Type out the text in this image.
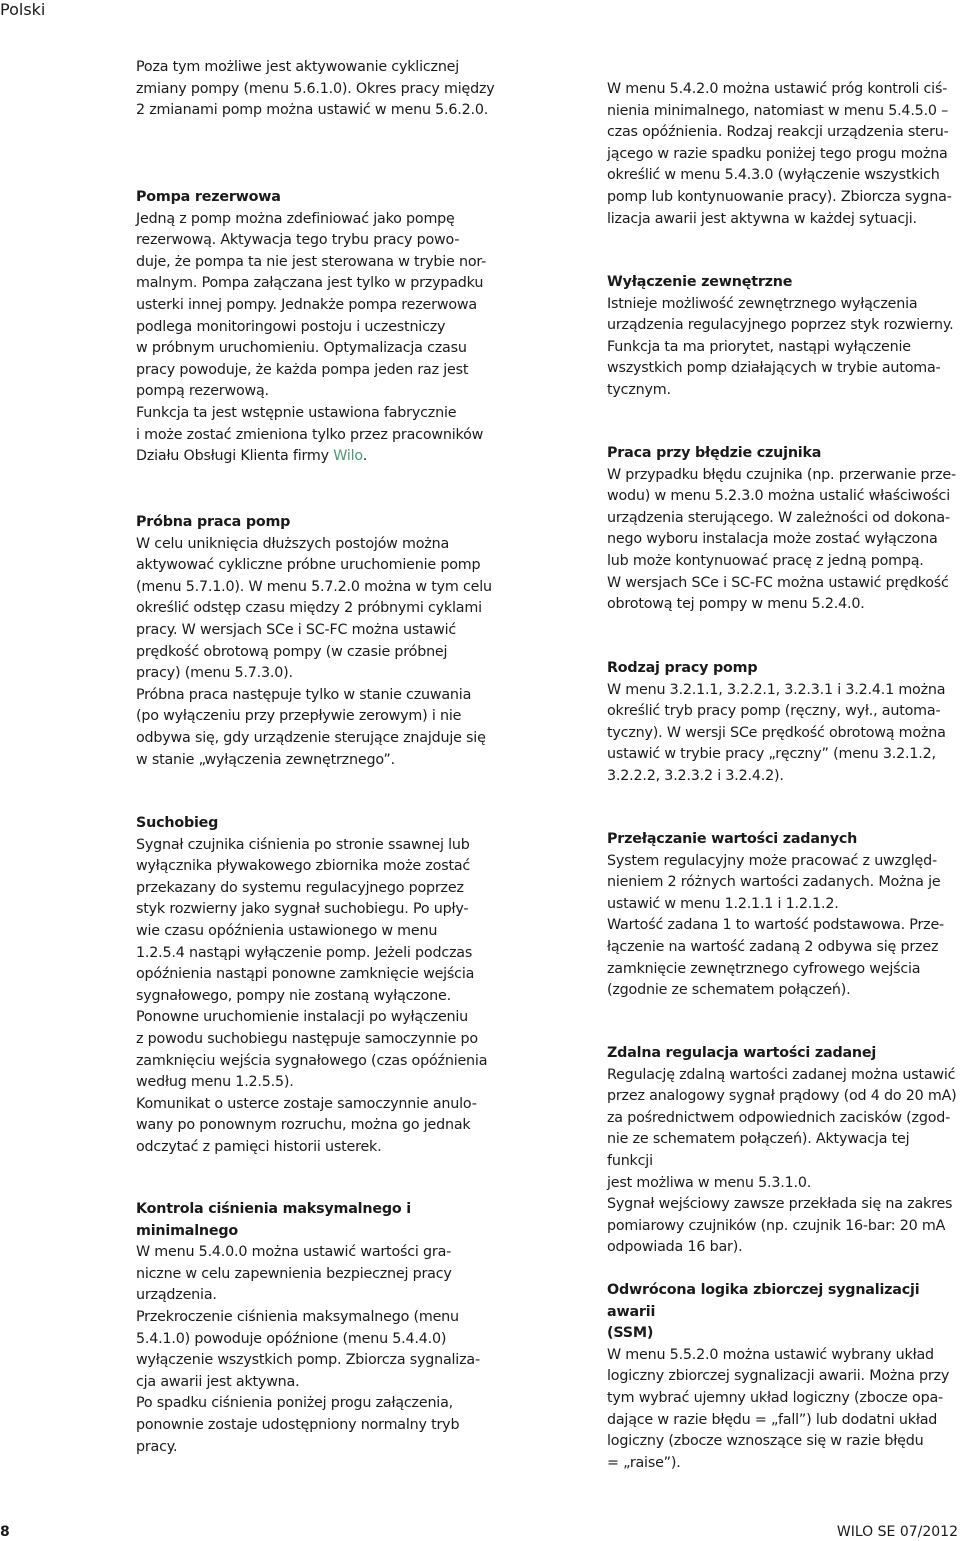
Polski

Poza tym możliwe jest aktywowanie cyklicznej

zmiany pompy (menu 5.6.1.0). Okres pracy między

2 zmianami pomp można ustawić w menu 5.6.2.0.

Pompa rezerwowa

Jedną z pomp można zdefiniować jako pompę

rezerwową. Aktywacja tego trybu pracy powo-

duje, że pompa ta nie jest sterowana w trybie nor-

malnym. Pompa załączana jest tylko w przypadku

usterki innej pompy. Jednakże pompa rezerwowa

podlega monitoringowi postoju i uczestniczy

w próbnym uruchomieniu. Optymalizacja czasu

pracy powoduje, że każda pompa jeden raz jest

pompą rezerwową.

Funkcja ta jest wstępnie ustawiona fabrycznie

i może zostać zmieniona tylko przez pracowników

Działu Obsługi Klienta firmy Wilo.

Próbna praca pomp

W celu uniknięcia dłuższych postojów można

aktywować cykliczne próbne uruchomienie pomp

(menu 5.7.1.0). W menu 5.7.2.0 można w tym celu

określić odstęp czasu między 2 próbnymi cyklami

pracy. W wersjach SCe i SC-FC można ustawić

prędkość obrotową pompy (w czasie próbnej

pracy) (menu 5.7.3.0).

Próbna praca następuje tylko w stanie czuwania

(po wyłączeniu przy przepływie zerowym) i nie

odbywa się, gdy urządzenie sterujące znajduje się

w stanie „wyłączenia zewnętrznego”.

Suchobieg

Sygnał czujnika ciśnienia po stronie ssawnej lub

wyłącznika pływakowego zbiornika może zostać

przekazany do systemu regulacyjnego poprzez

styk rozwierny jako sygnał suchobiegu. Po upły-

wie czasu opóźnienia ustawionego w menu

1.2.5.4 nastąpi wyłączenie pomp. Jeżeli podczas

opóźnienia nastąpi ponowne zamknięcie wejścia

sygnałowego, pompy nie zostaną wyłączone.

Ponowne uruchomienie instalacji po wyłączeniu

z powodu suchobiegu następuje samoczynnie po

zamknięciu wejścia sygnałowego (czas opóźnienia

według menu 1.2.5.5).

Komunikat o usterce zostaje samoczynnie anulo-

wany po ponownym rozruchu, można go jednak

odczytać z pamięci historii usterek.

Kontrola ciśnienia maksymalnego i minimalnego

W menu 5.4.0.0 można ustawić wartości gra-

niczne w celu zapewnienia bezpiecznej pracy

urządzenia.

Przekroczenie ciśnienia maksymalnego (menu

5.4.1.0) powoduje opóźnione (menu 5.4.4.0)

wyłączenie wszystkich pomp. Zbiorcza sygnaliza-

cja awarii jest aktywna.

Po spadku ciśnienia poniżej progu załączenia,

ponownie zostaje udostępniony normalny tryb

pracy.

W menu 5.4.2.0 można ustawić próg kontroli ciś-

nienia minimalnego, natomiast w menu 5.4.5.0 –

czas opóźnienia. Rodzaj reakcji urządzenia steru-

jącego w razie spadku poniżej tego progu można

określić w menu 5.4.3.0 (wyłączenie wszystkich

pomp lub kontynuowanie pracy). Zbiorcza sygna-

lizacja awarii jest aktywna w każdej sytuacji.

Wyłączenie zewnętrzne

Istnieje możliwość zewnętrznego wyłączenia

urządzenia regulacyjnego poprzez styk rozwierny.

Funkcja ta ma priorytet, nastąpi wyłączenie

wszystkich pomp działających w trybie automa-

tycznym.

Praca przy błędzie czujnika

W przypadku błędu czujnika (np. przerwanie prze-

wodu) w menu 5.2.3.0 można ustalić właściwości

urządzenia sterującego. W zależności od dokona-

nego wyboru instalacja może zostać wyłączona

lub może kontynuować pracę z jedną pompą.

W wersjach SCe i SC-FC można ustawić prędkość

obrotową tej pompy w menu 5.2.4.0.

Rodzaj pracy pomp

W menu 3.2.1.1, 3.2.2.1, 3.2.3.1 i 3.2.4.1 można

określić tryb pracy pomp (ręczny, wył., automa-

tyczny). W wersji SCe prędkość obrotową można

ustawić w trybie pracy „ręczny” (menu 3.2.1.2,

3.2.2.2, 3.2.3.2 i 3.2.4.2).

Przełączanie wartości zadanych

System regulacyjny może pracować z uwzględ-

nieniem 2 różnych wartości zadanych. Można je

ustawić w menu 1.2.1.1 i 1.2.1.2.

Wartość zadana 1 to wartość podstawowa. Prze-

łączenie na wartość zadaną 2 odbywa się przez

zamknięcie zewnętrznego cyfrowego wejścia

(zgodnie ze schematem połączeń).

Zdalna regulacja wartości zadanej

Regulację zdalną wartości zadanej można ustawić

przez analogowy sygnał prądowy (od 4 do 20 mA)

za pośrednictwem odpowiednich zacisków (zgod-

nie ze schematem połączeń). Aktywacja tej funkcji

jest możliwa w menu 5.3.1.0.

Sygnał wejściowy zawsze przekłada się na zakres

pomiarowy czujników (np. czujnik 16-bar: 20 mA

odpowiada 16 bar).

Odwrócona logika zbiorczej sygnalizacji awarii
(SSM)

W menu 5.5.2.0 można ustawić wybrany układ

logiczny zbiorczej sygnalizacji awarii. Można przy

tym wybrać ujemny układ logiczny (zbocze opa-

dające w razie błędu = „fall”) lub dodatni układ

logiczny (zbocze wznoszące się w razie błędu

= „raise”).

8	WILO SE 07/2012
